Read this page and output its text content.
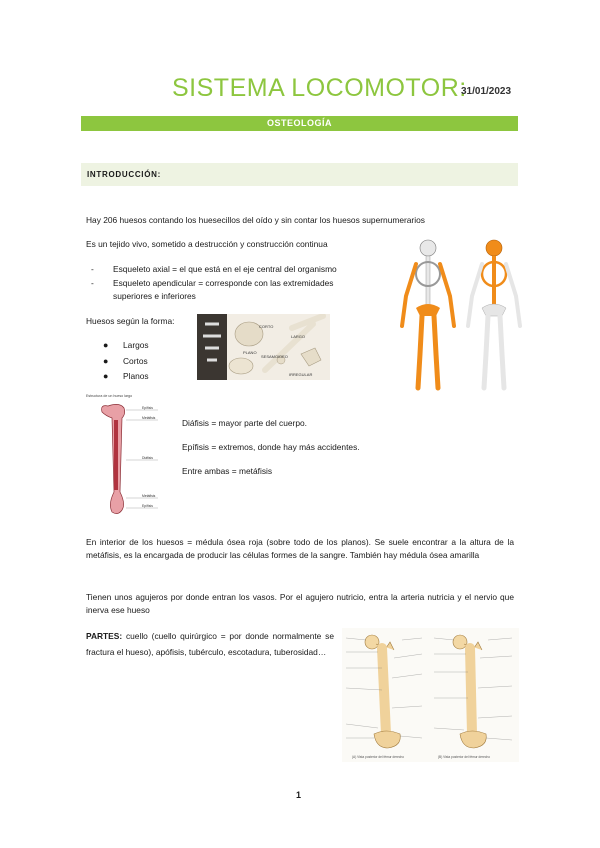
SISTEMA LOCOMOTOR:
31/01/2023
OSTEOLOGÍA
INTRODUCCIÓN:
Hay 206 huesos contando los huesecillos del oído y sin contar los huesos supernumerarios
Es un tejido vivo, sometido a destrucción y construcción continua
-	Esqueleto axial = el que está en el eje central del organismo
-	Esqueleto apendicular = corresponde con las extremidades superiores e inferiores
Huesos según la forma:
●	Largos
●	Cortos
●	Planos
CORTO
LARGO
PLANO
SESAMOIDEO
IRREGULAR
Estructura de un hueso largo
Epífisis
Metáfisis
Diáfisis
Metáfisis
Epífisis
Diáfisis = mayor parte del cuerpo.
Epífisis = extremos, donde hay más accidentes.
Entre ambas = metáfisis
En interior de los huesos = médula ósea roja (sobre todo de los planos). Se suele encontrar a la altura de la metáfisis, es la encargada de producir las células formes de la sangre. También hay médula ósea amarilla
Tienen unos agujeros por donde entran los vasos. Por el agujero nutricio, entra la arteria nutricia y el nervio que inerva ese hueso
PARTES: cuello (cuello quirúrgico = por donde normalmente se fractura el hueso), apófisis, tubérculo, escotadura, tuberosidad…
(A) Vista posterior del fémur derecho	(B) Vista posterior del fémur derecho
1
